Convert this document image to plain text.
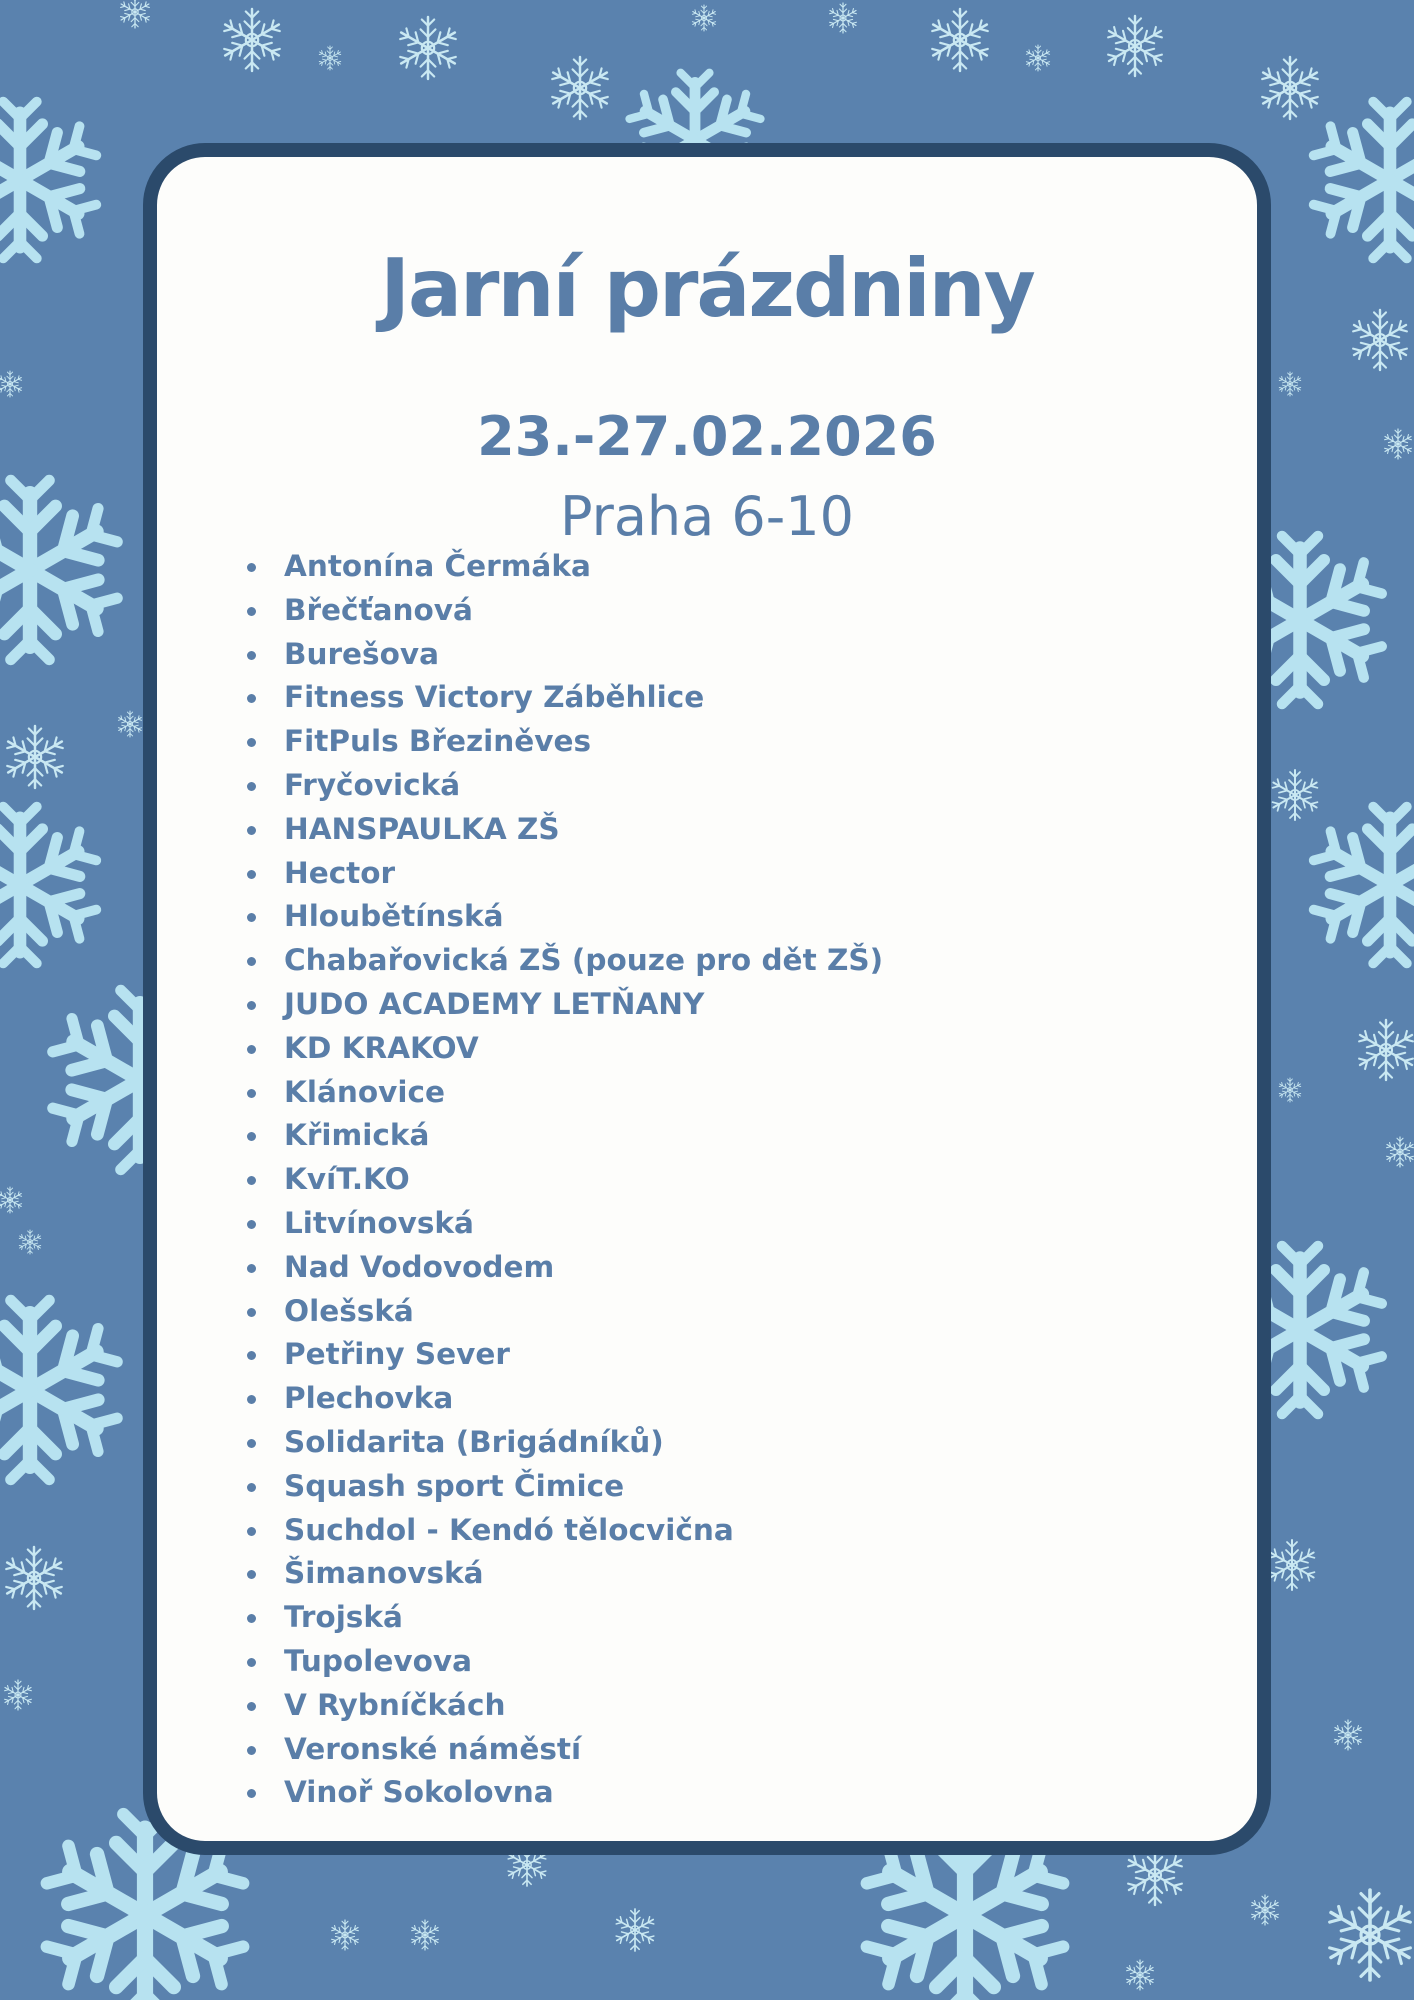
Jarní prázdniny
23.-27.02.2026
Praha 6-10
Antonína Čermáka
Břečťanová
Burešova
Fitness Victory Záběhlice
FitPuls Březiněves
Fryčovická
HANSPAULKA ZŠ
Hector
Hloubětínská
Chabařovická ZŠ (pouze pro dět ZŠ)
JUDO ACADEMY LETŇANY
KD KRAKOV
Klánovice
Křimická
KvíT.KO
Litvínovská
Nad Vodovodem
Olešská
Petřiny Sever
Plechovka
Solidarita (Brigádníků)
Squash sport Čimice
Suchdol - Kendó tělocvična
Šimanovská
Trojská
Tupolevova
V Rybníčkách
Veronské náměstí
Vinoř Sokolovna
